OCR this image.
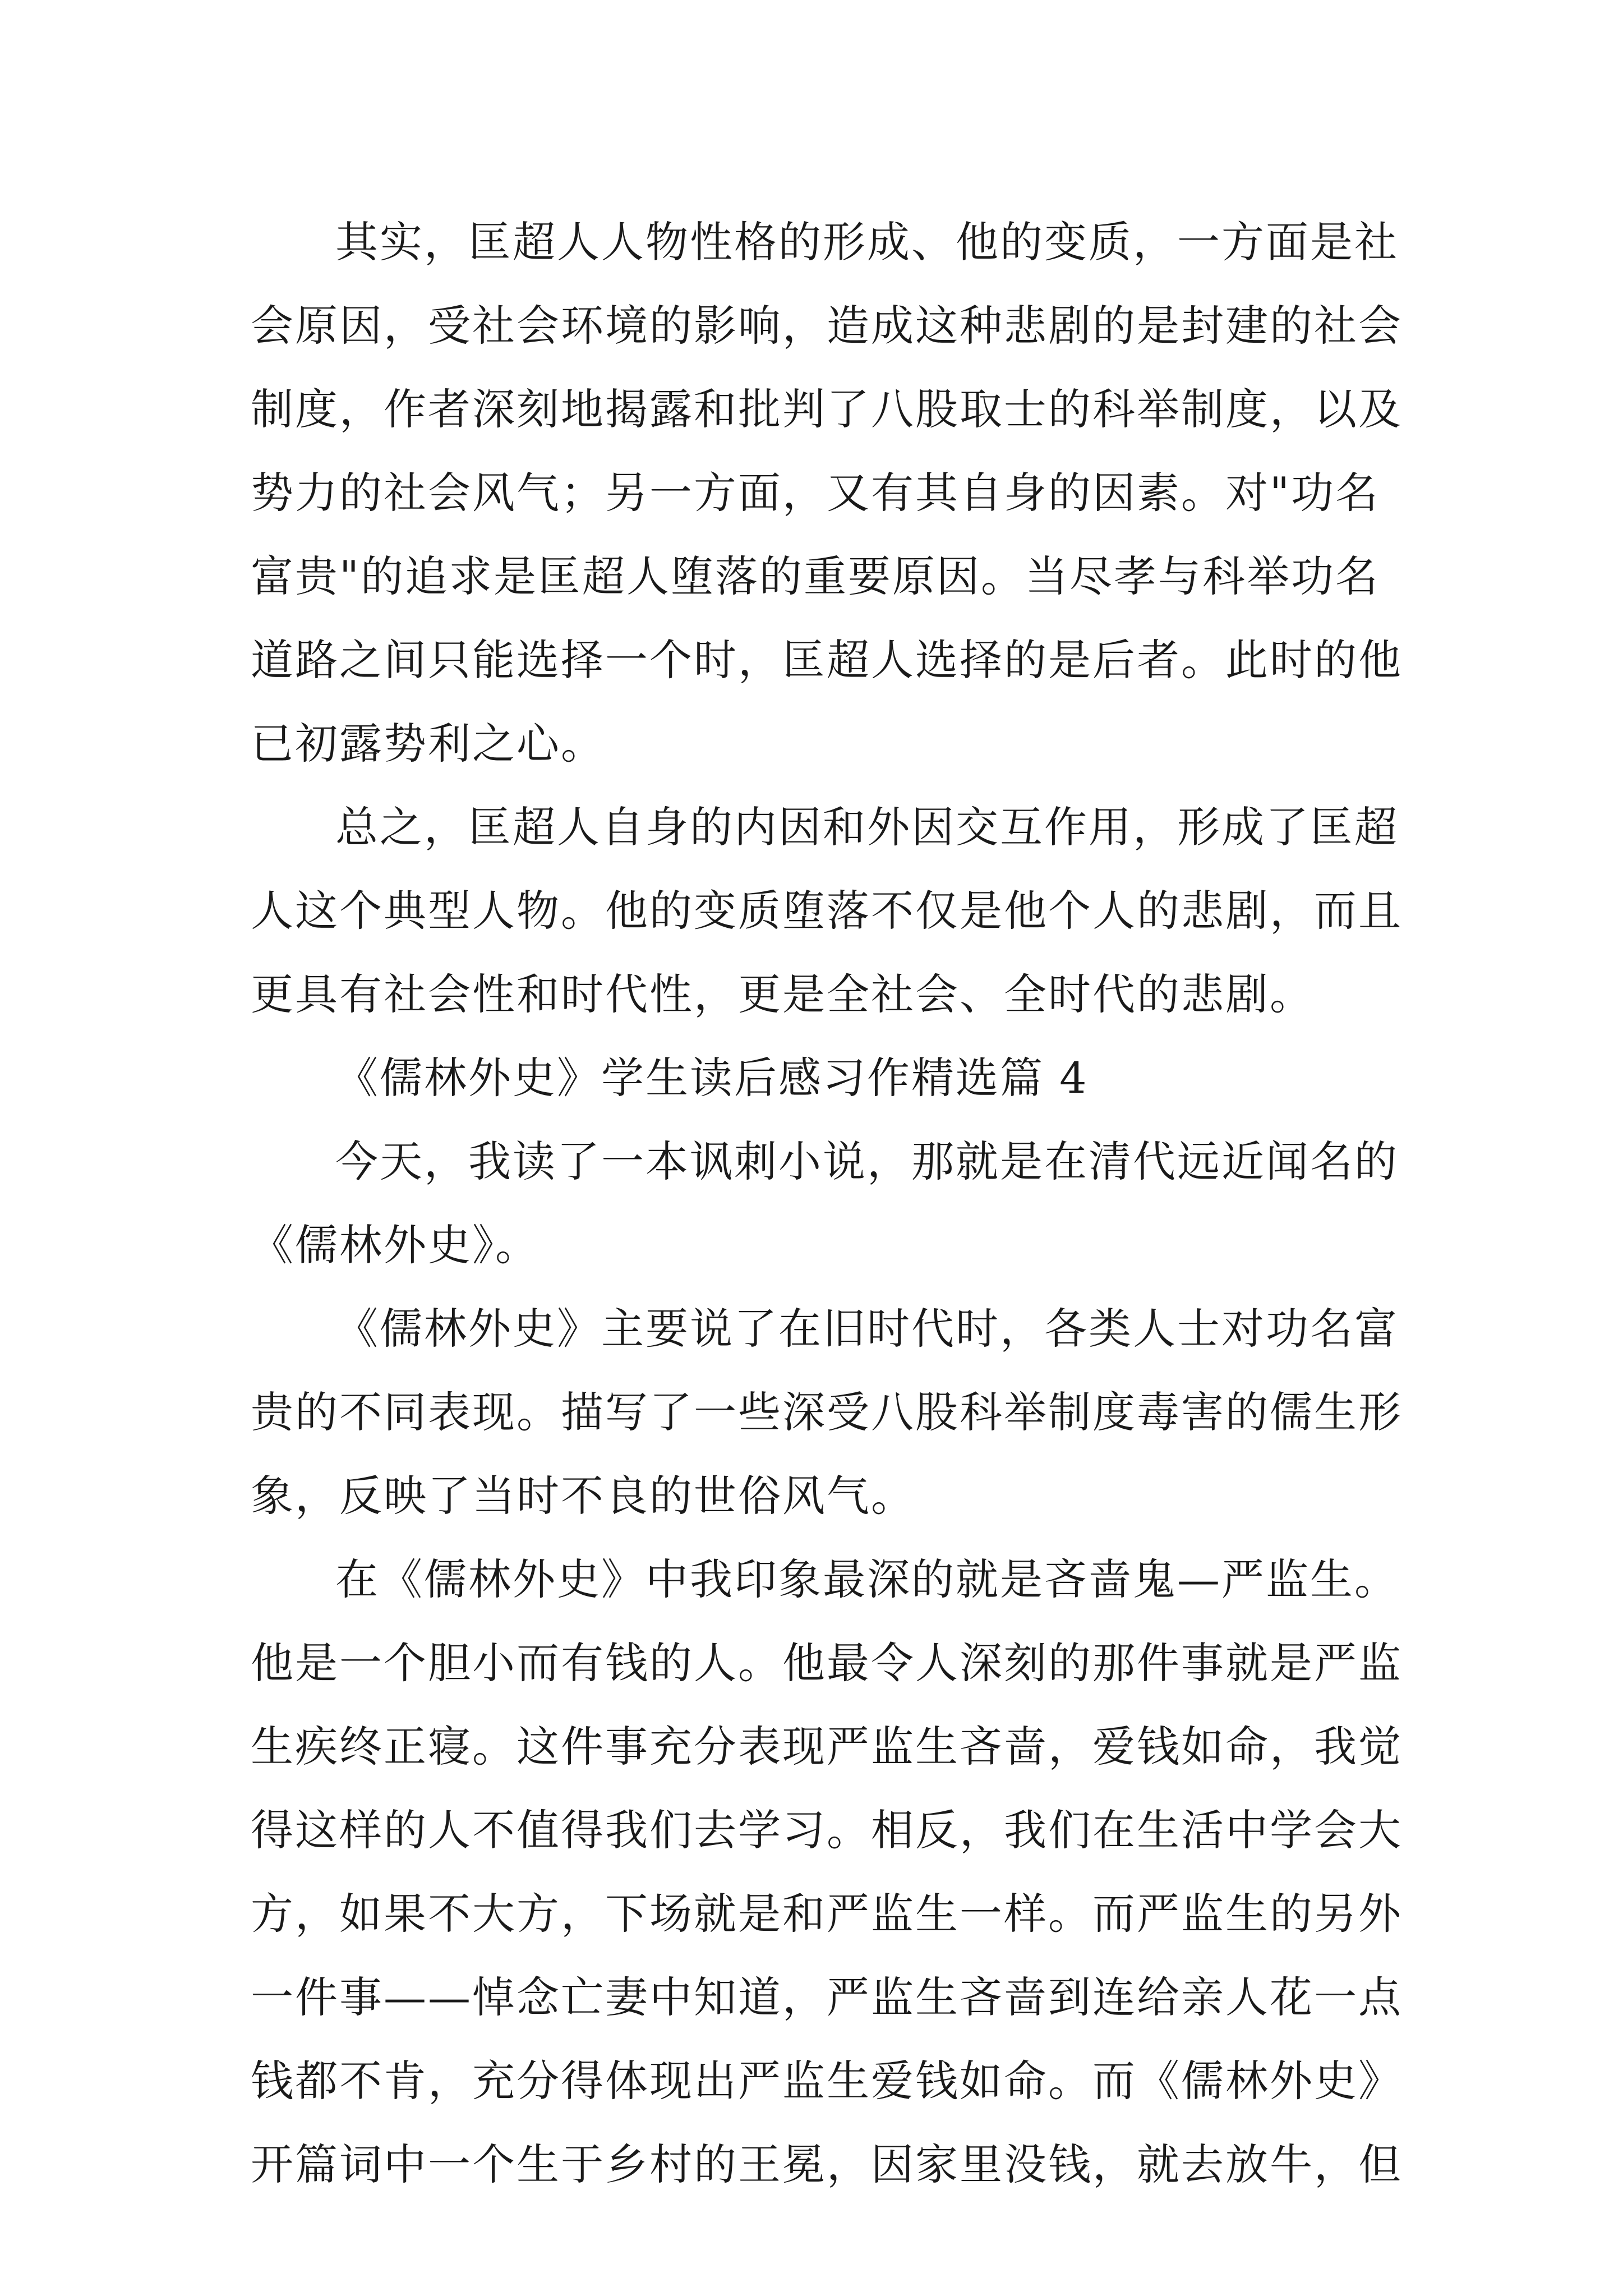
其实，匡超人人物性格的形成、他的变质，一方面是社
会原因，受社会环境的影响，造成这种悲剧的是封建的社会
制度，作者深刻地揭露和批判了八股取士的科举制度，以及
势力的社会风气；另一方面，又有其自身的因素。对"功名
富贵"的追求是匡超人堕落的重要原因。当尽孝与科举功名
道路之间只能选择一个时，匡超人选择的是后者。此时的他
已初露势利之心。
总之，匡超人自身的内因和外因交互作用，形成了匡超
人这个典型人物。他的变质堕落不仅是他个人的悲剧，而且
更具有社会性和时代性，更是全社会、全时代的悲剧。
《儒林外史》学生读后感习作精选篇 4
今天，我读了一本讽刺小说，那就是在清代远近闻名的
《儒林外史》。
《儒林外史》主要说了在旧时代时，各类人士对功名富
贵的不同表现。描写了一些深受八股科举制度毒害的儒生形
象，反映了当时不良的世俗风气。
在《儒林外史》中我印象最深的就是吝啬鬼—严监生。
他是一个胆小而有钱的人。他最令人深刻的那件事就是严监
生疾终正寝。这件事充分表现严监生吝啬，爱钱如命，我觉
得这样的人不值得我们去学习。相反，我们在生活中学会大
方，如果不大方，下场就是和严监生一样。而严监生的另外
一件事——悼念亡妻中知道，严监生吝啬到连给亲人花一点
钱都不肯，充分得体现出严监生爱钱如命。而《儒林外史》
开篇词中一个生于乡村的王冕，因家里没钱，就去放牛，但
